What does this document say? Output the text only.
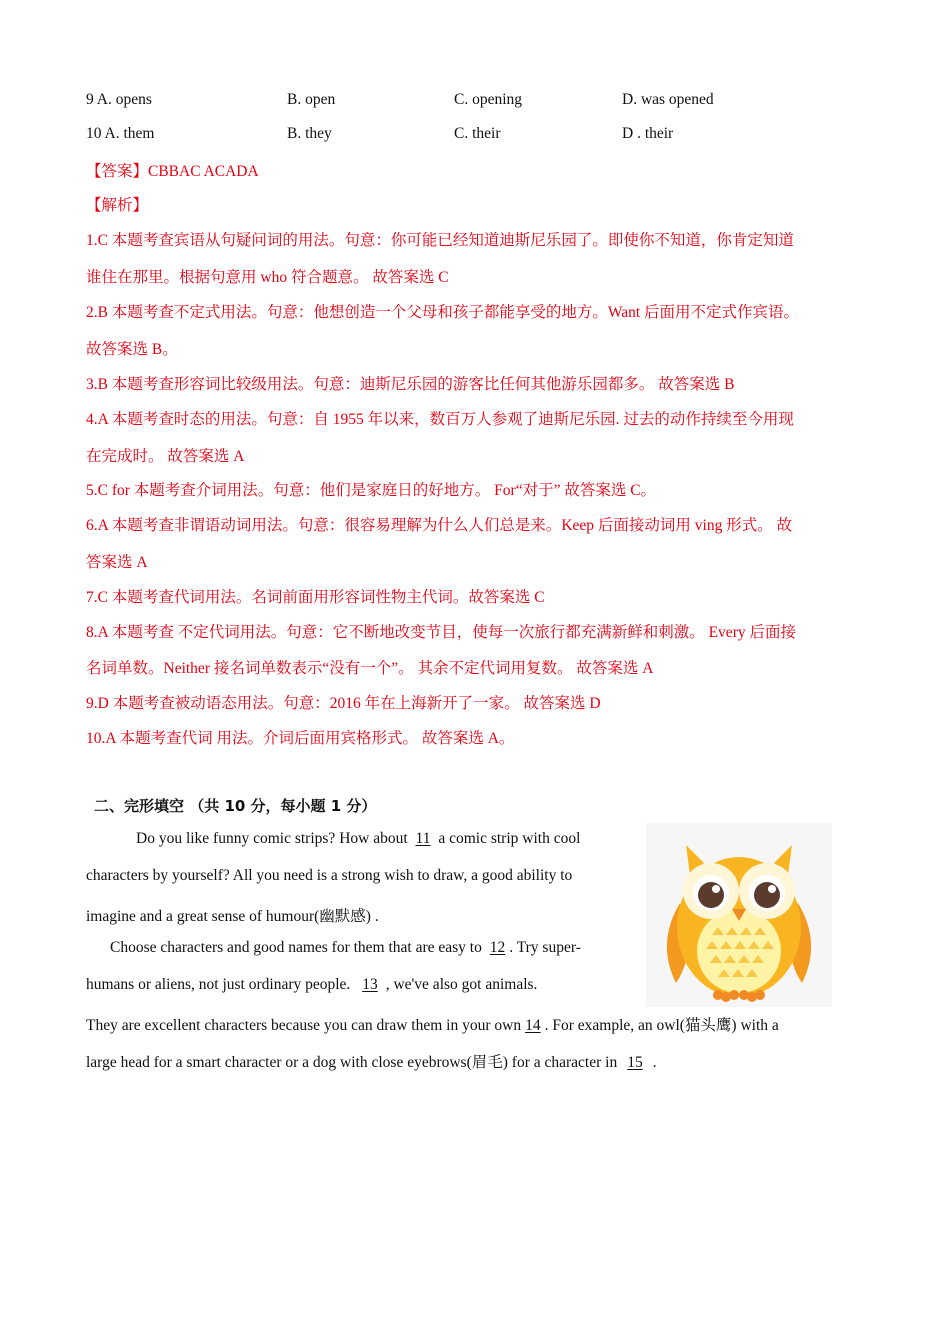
9 A. opens	B. open	C. opening	D. was opened
10 A. them	B. they	C. their	D . their
【答案】CBBAC ACADA
【解析】
1.C 本题考查宾语从句疑问词的用法。句意：你可能已经知道迪斯尼乐园了。即使你不知道，你肯定知道
谁住在那里。根据句意用 who 符合题意。 故答案选 C
2.B 本题考查不定式用法。句意：他想创造一个父母和孩子都能享受的地方。Want 后面用不定式作宾语。
故答案选 B。
3.B 本题考查形容词比较级用法。句意：迪斯尼乐园的游客比任何其他游乐园都多。 故答案选 B
4.A 本题考查时态的用法。句意：自 1955 年以来，数百万人参观了迪斯尼乐园. 过去的动作持续至今用现
在完成时。 故答案选 A
5.C for 本题考查介词用法。句意：他们是家庭日的好地方。 For“对于” 故答案选 C。
6.A 本题考查非谓语动词用法。句意：很容易理解为什么人们总是来。Keep 后面接动词用 ving 形式。 故
答案选 A
7.C 本题考查代词用法。名词前面用形容词性物主代词。故答案选 C
8.A 本题考查 不定代词用法。句意：它不断地改变节目，使每一次旅行都充满新鲜和刺激。 Every 后面接
名词单数。Neither 接名词单数表示“没有一个”。 其余不定代词用复数。 故答案选 A
9.D 本题考查被动语态用法。句意：2016 年在上海新开了一家。 故答案选 D
10.A 本题考查代词 用法。介词后面用宾格形式。 故答案选 A。
二、完形填空 （共 10 分，每小题 1 分）
Do you like funny comic strips? How about 11 a comic strip with cool
characters by yourself? All you need is a strong wish to draw, a good ability to
imagine and a great sense of humour(幽默感) .
Choose characters and good names for them that are easy to 12 . Try super-
humans or aliens, not just ordinary people. 13 , we've also got animals.
They are excellent characters because you can draw them in your own 14 . For example, an owl(猫头鹰) with a
large head for a smart character or a dog with close eyebrows(眉毛) for a character in 15 .
